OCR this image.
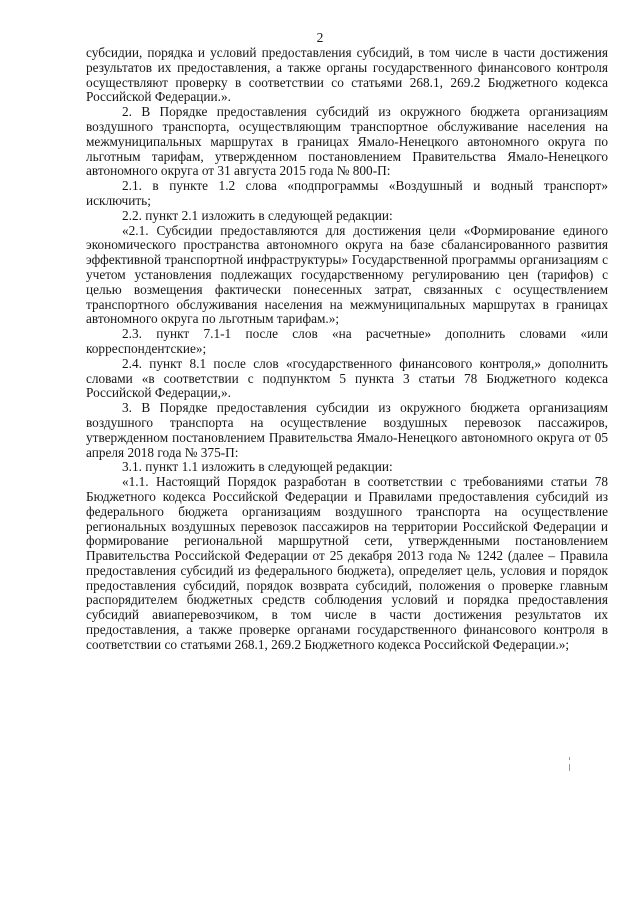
2

субсидии, порядка и условий предоставления субсидий, в том числе в части достижения результатов их предоставления, а также органы государственного финансового контроля осуществляют проверку в соответствии со статьями 268.1, 269.2 Бюджетного кодекса Российской Федерации.».

2. В Порядке предоставления субсидий из окружного бюджета организациям воздушного транспорта, осуществляющим транспортное обслуживание населения на межмуниципальных маршрутах в границах Ямало-Ненецкого автономного округа по льготным тарифам, утвержденном постановлением Правительства Ямало-Ненецкого автономного округа от 31 августа 2015 года № 800-П:

2.1. в пункте 1.2 слова «подпрограммы «Воздушный и водный транспорт» исключить;

2.2. пункт 2.1 изложить в следующей редакции:

«2.1. Субсидии предоставляются для достижения цели «Формирование единого экономического пространства автономного округа на базе сбалансированного развития эффективной транспортной инфраструктуры» Государственной программы организациям с учетом установления подлежащих государственному регулированию цен (тарифов) с целью возмещения фактически понесенных затрат, связанных с осуществлением транспортного обслуживания населения на межмуниципальных маршрутах в границах автономного округа по льготным тарифам.»;

2.3. пункт 7.1-1 после слов «на расчетные» дополнить словами «или корреспондентские»;

2.4. пункт 8.1 после слов «государственного финансового контроля,» дополнить словами «в соответствии с подпунктом 5 пункта 3 статьи 78 Бюджетного кодекса Российской Федерации,».

3. В Порядке предоставления субсидии из окружного бюджета организациям воздушного транспорта на осуществление воздушных перевозок пассажиров, утвержденном постановлением Правительства Ямало-Ненецкого автономного округа от 05 апреля 2018 года № 375-П:

3.1. пункт 1.1 изложить в следующей редакции:

«1.1. Настоящий Порядок разработан в соответствии с требованиями статьи 78 Бюджетного кодекса Российской Федерации и Правилами предоставления субсидий из федерального бюджета организациям воздушного транспорта на осуществление региональных воздушных перевозок пассажиров на территории Российской Федерации и формирование региональной маршрутной сети, утвержденными постановлением Правительства Российской Федерации от 25 декабря 2013 года № 1242 (далее – Правила предоставления субсидий из федерального бюджета), определяет цель, условия и порядок предоставления субсидий, порядок возврата субсидий, положения о проверке главным распорядителем бюджетных средств соблюдения условий и порядка предоставления субсидий авиаперевозчиком, в том числе в части достижения результатов их предоставления, а также проверке органами государственного финансового контроля в соответствии со статьями 268.1, 269.2 Бюджетного кодекса Российской Федерации.»;
